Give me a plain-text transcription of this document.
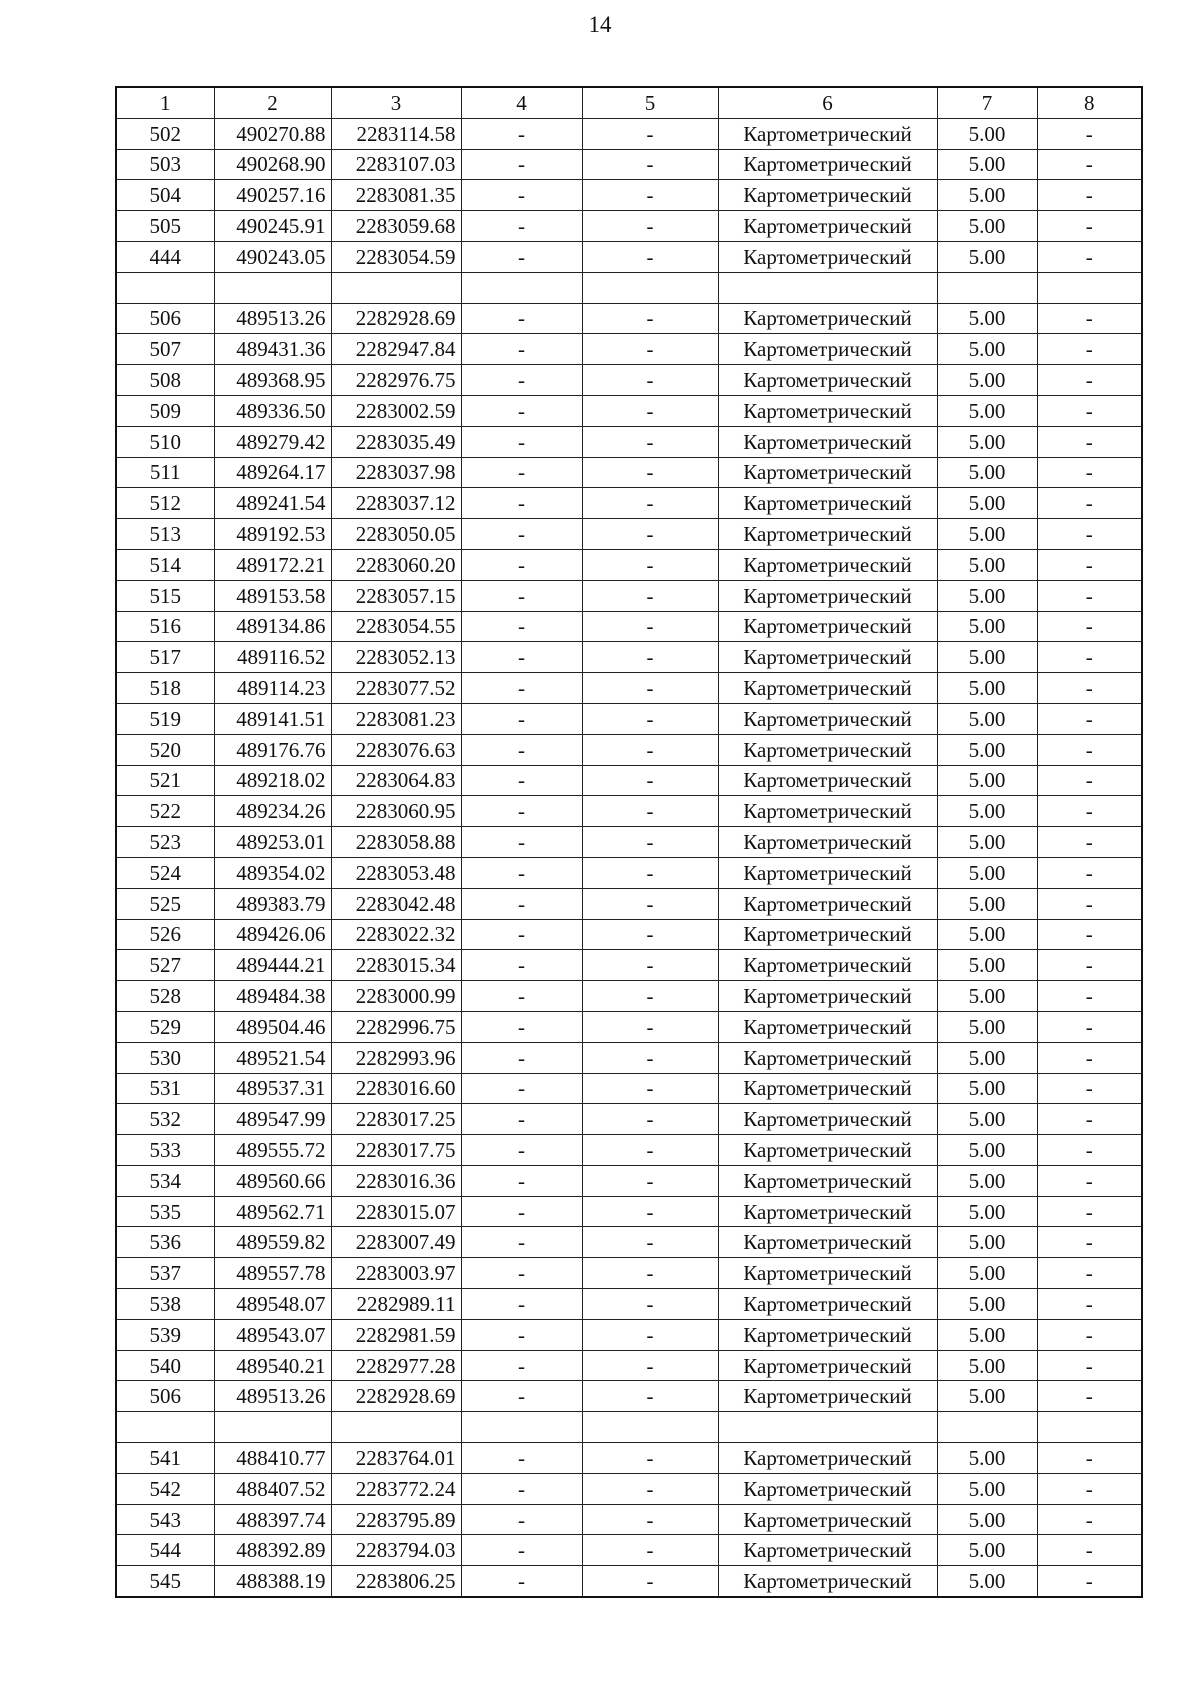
14
1	2	3	4	5	6	7	8
502	490270.88	2283114.58	-	-	Картометрический	5.00	-
503	490268.90	2283107.03	-	-	Картометрический	5.00	-
504	490257.16	2283081.35	-	-	Картометрический	5.00	-
505	490245.91	2283059.68	-	-	Картометрический	5.00	-
444	490243.05	2283054.59	-	-	Картометрический	5.00	-

506	489513.26	2282928.69	-	-	Картометрический	5.00	-
507	489431.36	2282947.84	-	-	Картометрический	5.00	-
508	489368.95	2282976.75	-	-	Картометрический	5.00	-
509	489336.50	2283002.59	-	-	Картометрический	5.00	-
510	489279.42	2283035.49	-	-	Картометрический	5.00	-
511	489264.17	2283037.98	-	-	Картометрический	5.00	-
512	489241.54	2283037.12	-	-	Картометрический	5.00	-
513	489192.53	2283050.05	-	-	Картометрический	5.00	-
514	489172.21	2283060.20	-	-	Картометрический	5.00	-
515	489153.58	2283057.15	-	-	Картометрический	5.00	-
516	489134.86	2283054.55	-	-	Картометрический	5.00	-
517	489116.52	2283052.13	-	-	Картометрический	5.00	-
518	489114.23	2283077.52	-	-	Картометрический	5.00	-
519	489141.51	2283081.23	-	-	Картометрический	5.00	-
520	489176.76	2283076.63	-	-	Картометрический	5.00	-
521	489218.02	2283064.83	-	-	Картометрический	5.00	-
522	489234.26	2283060.95	-	-	Картометрический	5.00	-
523	489253.01	2283058.88	-	-	Картометрический	5.00	-
524	489354.02	2283053.48	-	-	Картометрический	5.00	-
525	489383.79	2283042.48	-	-	Картометрический	5.00	-
526	489426.06	2283022.32	-	-	Картометрический	5.00	-
527	489444.21	2283015.34	-	-	Картометрический	5.00	-
528	489484.38	2283000.99	-	-	Картометрический	5.00	-
529	489504.46	2282996.75	-	-	Картометрический	5.00	-
530	489521.54	2282993.96	-	-	Картометрический	5.00	-
531	489537.31	2283016.60	-	-	Картометрический	5.00	-
532	489547.99	2283017.25	-	-	Картометрический	5.00	-
533	489555.72	2283017.75	-	-	Картометрический	5.00	-
534	489560.66	2283016.36	-	-	Картометрический	5.00	-
535	489562.71	2283015.07	-	-	Картометрический	5.00	-
536	489559.82	2283007.49	-	-	Картометрический	5.00	-
537	489557.78	2283003.97	-	-	Картометрический	5.00	-
538	489548.07	2282989.11	-	-	Картометрический	5.00	-
539	489543.07	2282981.59	-	-	Картометрический	5.00	-
540	489540.21	2282977.28	-	-	Картометрический	5.00	-
506	489513.26	2282928.69	-	-	Картометрический	5.00	-

541	488410.77	2283764.01	-	-	Картометрический	5.00	-
542	488407.52	2283772.24	-	-	Картометрический	5.00	-
543	488397.74	2283795.89	-	-	Картометрический	5.00	-
544	488392.89	2283794.03	-	-	Картометрический	5.00	-
545	488388.19	2283806.25	-	-	Картометрический	5.00	-
